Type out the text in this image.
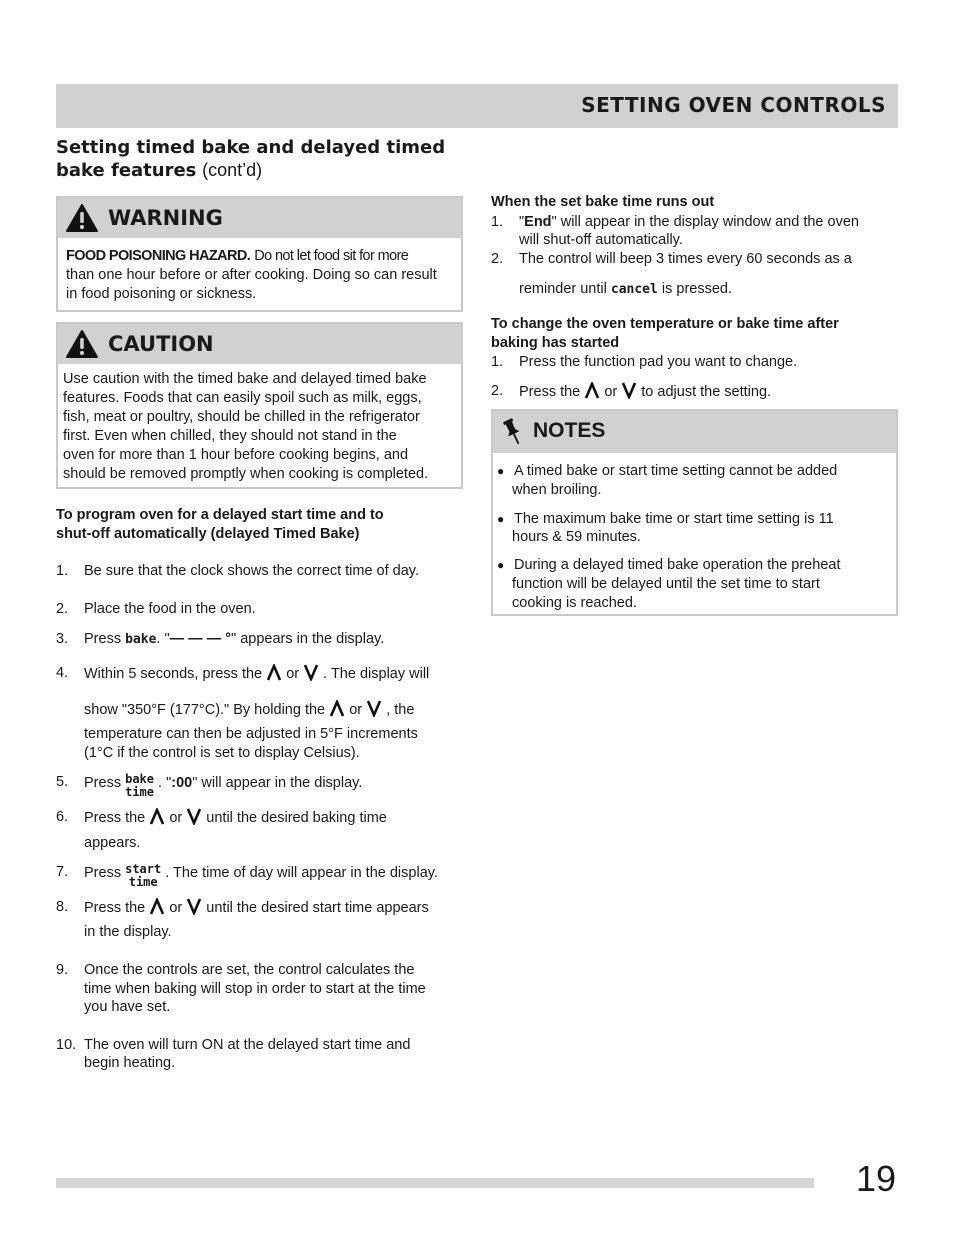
SETTING OVEN CONTROLS
Setting timed bake and delayed timed
bake features (cont’d)
WARNING
FOOD POISONING HAZARD. Do not let food sit for more
than one hour before or after cooking. Doing so can result
in food poisoning or sickness.
CAUTION
Use caution with the timed bake and delayed timed bake
features. Foods that can easily spoil such as milk, eggs,
fish, meat or poultry, should be chilled in the refrigerator
first. Even when chilled, they should not stand in the
oven for more than 1 hour before cooking begins, and
should be removed promptly when cooking is completed.
To program oven for a delayed start time and to
shut-off automatically (delayed Timed Bake)
1. Be sure that the clock shows the correct time of day.
2. Place the food in the oven.
3. Press bake. "— — — °" appears in the display.
4. Within 5 seconds, press the or . The display will
show "350°F (177°C)." By holding the or , the
temperature can then be adjusted in 5°F increments
(1°C if the control is set to display Celsius).
5. Press bake
time . ":00" will appear in the display.
6. Press the or until the desired baking time
appears.
7. Press start
time . The time of day will appear in the display.
8. Press the or until the desired start time appears
in the display.
9. Once the controls are set, the control calculates the
time when baking will stop in order to start at the time
you have set.
10. The oven will turn ON at the delayed start time and
begin heating.
When the set bake time runs out
1. "End" will appear in the display window and the oven
will shut-off automatically.
2. The control will beep 3 times every 60 seconds as a
reminder until cancel is pressed.
To change the oven temperature or bake time after
baking has started
1. Press the function pad you want to change.
2. Press the or to adjust the setting.
NOTES
● A timed bake or start time setting cannot be added
when broiling.
● The maximum bake time or start time setting is 11
hours & 59 minutes.
● During a delayed timed bake operation the preheat
function will be delayed until the set time to start
cooking is reached.
19
